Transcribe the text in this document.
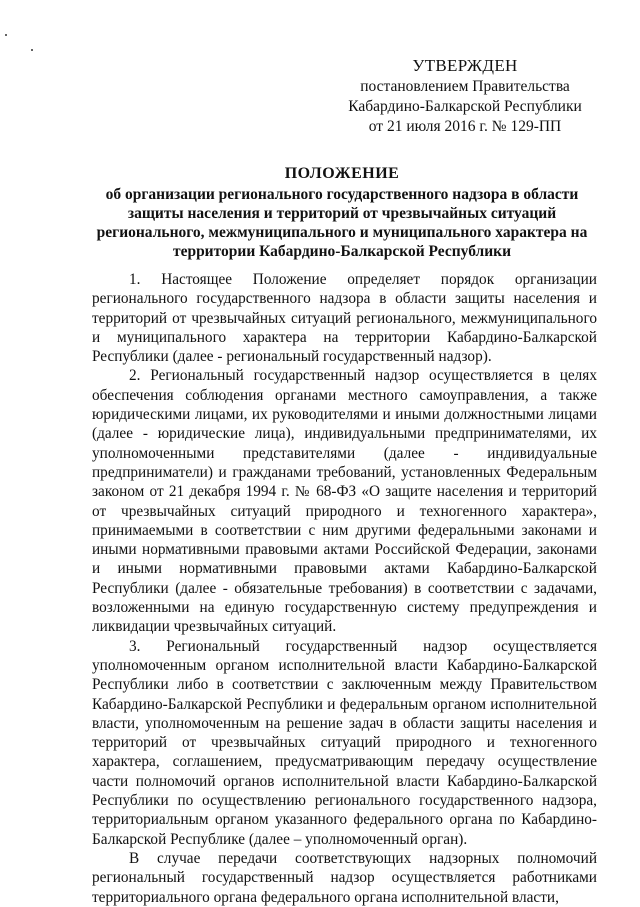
УТВЕРЖДЕН
постановлением Правительства
Кабардино-Балкарской Республики
от 21 июля 2016 г. № 129-ПП
ПОЛОЖЕНИЕ
об организации регионального государственного надзора в области
защиты населения и территорий от чрезвычайных ситуаций
регионального, межмуниципального и муниципального характера на
территории Кабардино-Балкарской Республики

1. Настоящее Положение определяет порядок организации регионального государственного надзора в области защиты населения и территорий от чрезвычайных ситуаций регионального, межмуниципального и муниципального характера на территории Кабардино-Балкарской Республики (далее - региональный государственный надзор).

2. Региональный государственный надзор осуществляется в целях обеспечения соблюдения органами местного самоуправления, а также юридическими лицами, их руководителями и иными должностными лицами (далее - юридические лица), индивидуальными предпринимателями, их уполномоченными представителями (далее - индивидуальные предприниматели) и гражданами требований, установленных Федеральным законом от 21 декабря 1994 г. № 68-ФЗ «О защите населения и территорий от чрезвычайных ситуаций природного и техногенного характера», принимаемыми в соответствии с ним другими федеральными законами и иными нормативными правовыми актами Российской Федерации, законами и иными нормативными правовыми актами Кабардино-Балкарской Республики (далее - обязательные требования) в соответствии с задачами, возложенными на единую государственную систему предупреждения и ликвидации чрезвычайных ситуаций.

3. Региональный государственный надзор осуществляется уполномоченным органом исполнительной власти Кабардино-Балкарской Республики либо в соответствии с заключенным между Правительством Кабардино-Балкарской Республики и федеральным органом исполнительной власти, уполномоченным на решение задач в области защиты населения и территорий от чрезвычайных ситуаций природного и техногенного характера, соглашением, предусматривающим передачу осуществление части полномочий органов исполнительной власти Кабардино-Балкарской Республики по осуществлению регионального государственного надзора, территориальным органом указанного федерального органа по Кабардино-Балкарской Республике (далее – уполномоченный орган).

В случае передачи соответствующих надзорных полномочий региональный государственный надзор осуществляется работниками территориального органа федерального органа исполнительной власти,
